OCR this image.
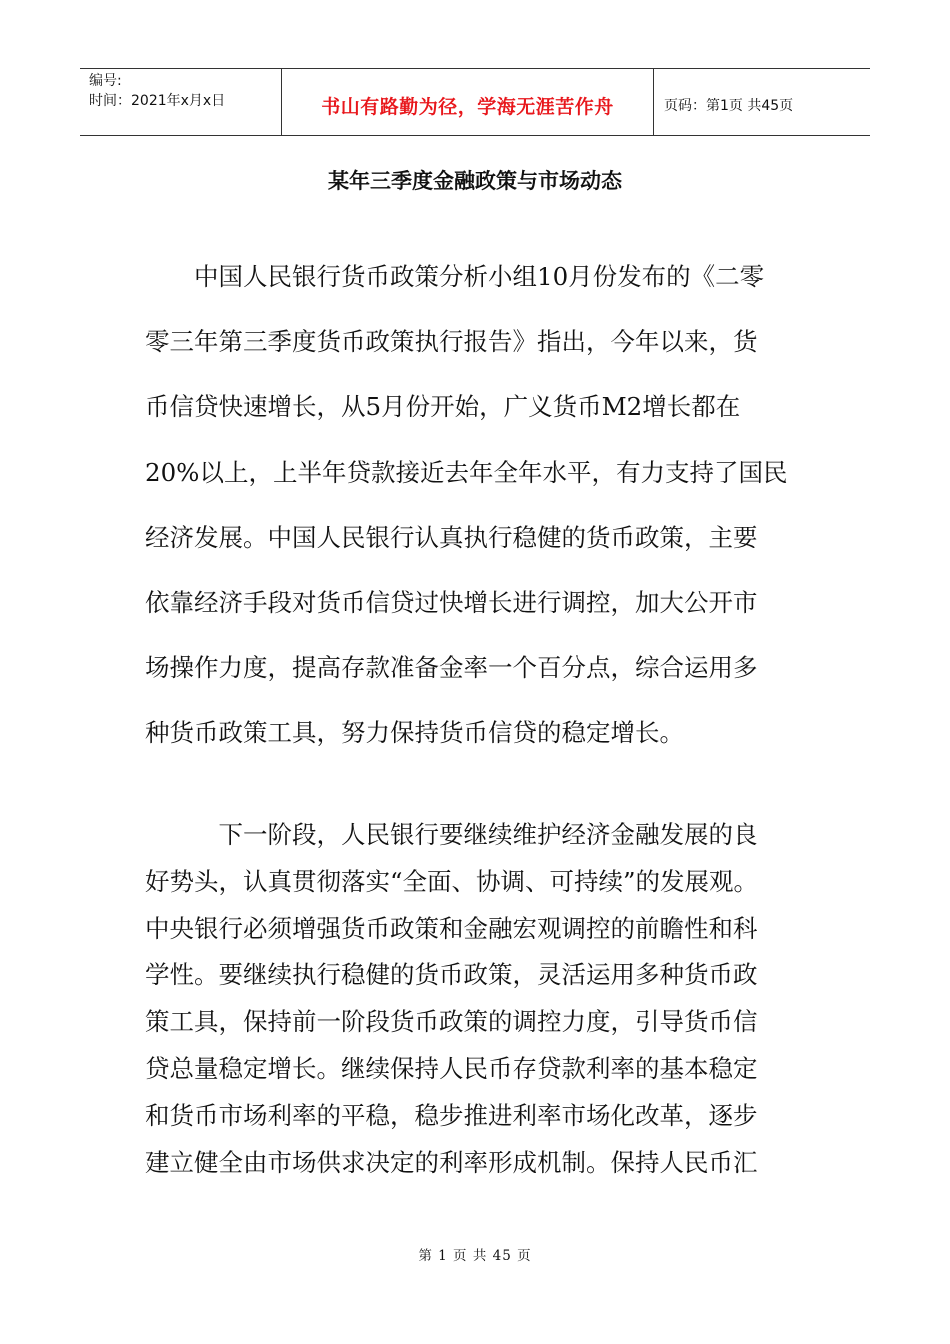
编号:
时间：2021年x月x日	书山有路勤为径，学海无涯苦作舟	页码：第1页 共45页
某年三季度金融政策与市场动态
　　中国人民银行货币政策分析小组10月份发布的《二零
零三年第三季度货币政策执行报告》指出，今年以来，货
币信贷快速增长，从5月份开始，广义货币M2增长都在
20%以上，上半年贷款接近去年全年水平，有力支持了国民
经济发展。中国人民银行认真执行稳健的货币政策，主要
依靠经济手段对货币信贷过快增长进行调控，加大公开市
场操作力度，提高存款准备金率一个百分点，综合运用多
种货币政策工具，努力保持货币信贷的稳定增长。
　　　下一阶段，人民银行要继续维护经济金融发展的良
好势头，认真贯彻落实“全面、协调、可持续”的发展观。
中央银行必须增强货币政策和金融宏观调控的前瞻性和科
学性。要继续执行稳健的货币政策，灵活运用多种货币政
策工具，保持前一阶段货币政策的调控力度，引导货币信
贷总量稳定增长。继续保持人民币存贷款利率的基本稳定
和货币市场利率的平稳，稳步推进利率市场化改革，逐步
建立健全由市场供求决定的利率形成机制。保持人民币汇
第 1 页 共 45 页
